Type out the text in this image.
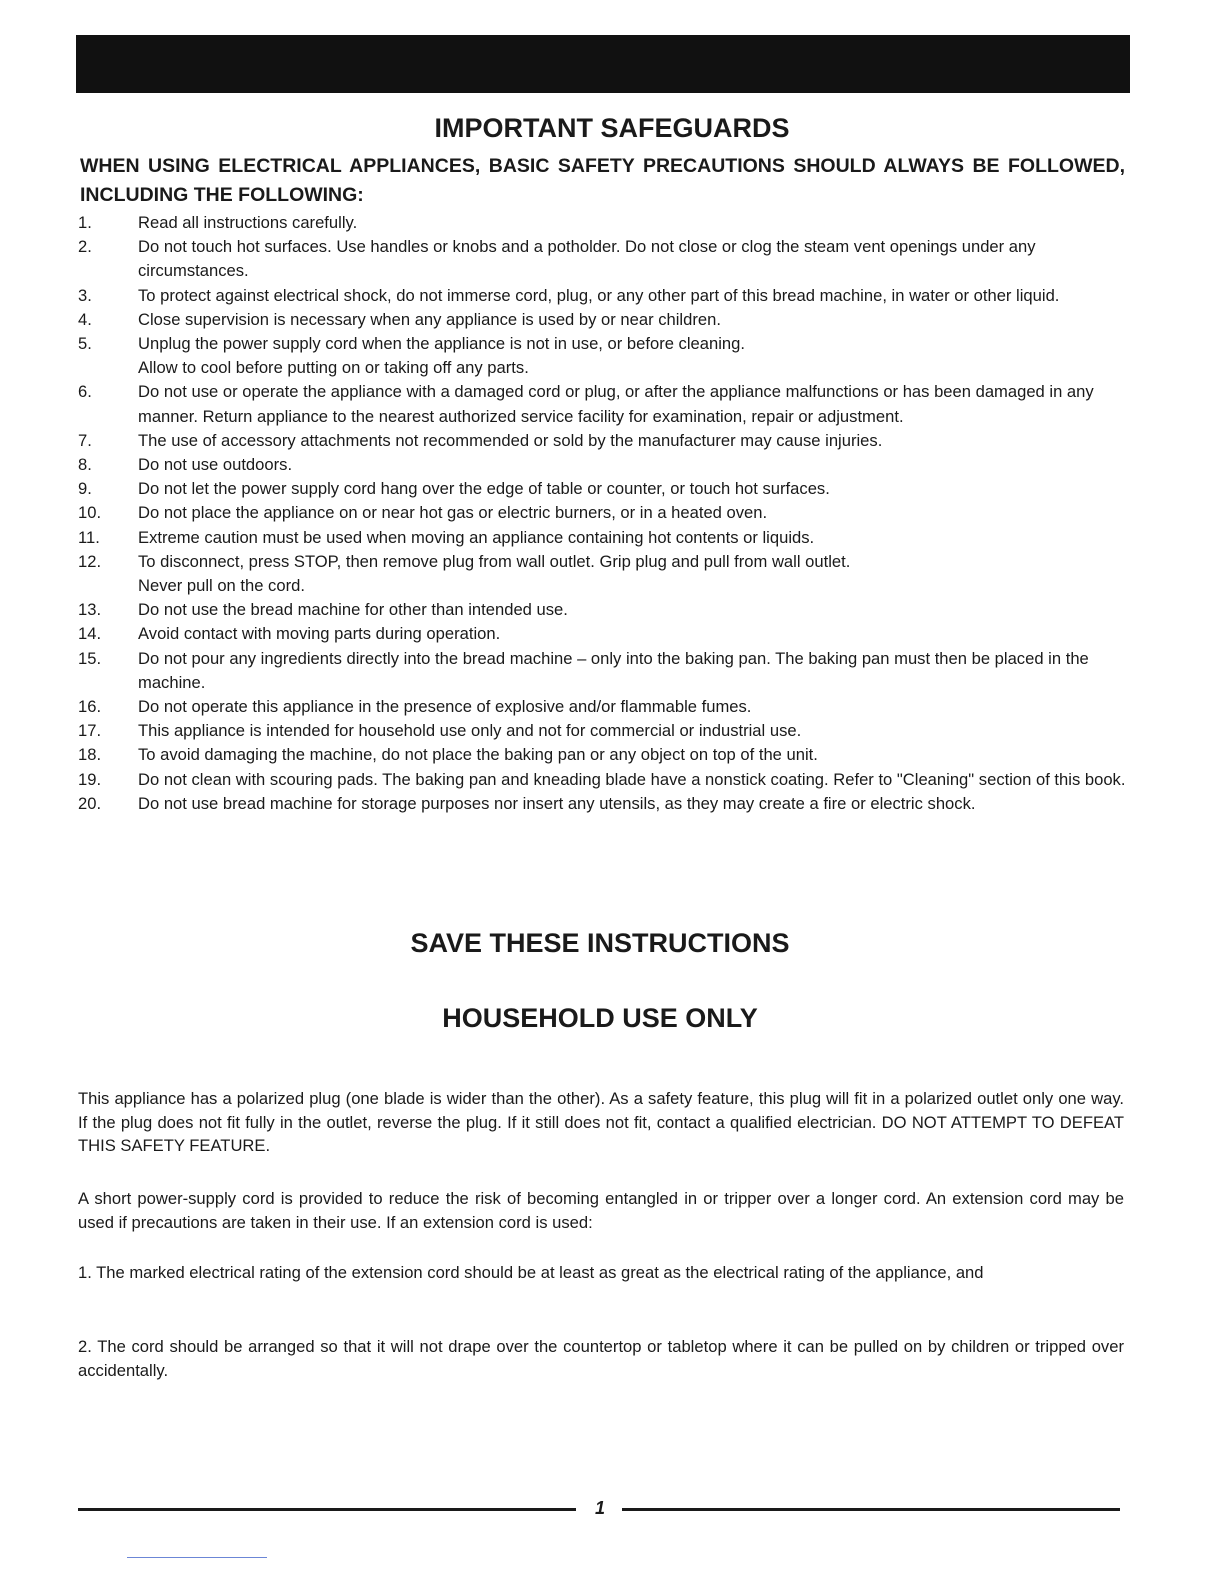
IMPORTANT SAFEGUARDS

WHEN USING ELECTRICAL APPLIANCES, BASIC SAFETY PRECAUTIONS SHOULD ALWAYS BE FOLLOWED, INCLUDING THE FOLLOWING:

1.	Read all instructions carefully.
2.	Do not touch hot surfaces. Use handles or knobs and a potholder. Do not close or clog the steam vent openings under any circumstances.
3.	To protect against electrical shock, do not immerse cord, plug, or any other part of this bread machine, in water or other liquid.
4.	Close supervision is necessary when any appliance is used by or near children.
5.	Unplug the power supply cord when the appliance is not in use, or before cleaning.
Allow to cool before putting on or taking off any parts.
6.	Do not use or operate the appliance with a damaged cord or plug, or after the appliance malfunctions or has been damaged in any manner. Return appliance to the nearest authorized service facility for examination, repair or adjustment.
7.	The use of accessory attachments not recommended or sold by the manufacturer may cause injuries.
8.	Do not use outdoors.
9.	Do not let the power supply cord hang over the edge of table or counter, or touch hot surfaces.
10.	Do not place the appliance on or near hot gas or electric burners, or in a heated oven.
11.	Extreme caution must be used when moving an appliance containing hot contents or liquids.
12.	To disconnect, press STOP, then remove plug from wall outlet. Grip plug and pull from wall outlet.
Never pull on the cord.
13.	Do not use the bread machine for other than intended use.
14.	Avoid contact with moving parts during operation.
15.	Do not pour any ingredients directly into the bread machine – only into the baking pan. The baking pan must then be placed in the machine.
16.	Do not operate this appliance in the presence of explosive and/or flammable fumes.
17.	This appliance is intended for household use only and not for commercial or industrial use.
18.	To avoid damaging the machine, do not place the baking pan or any object on top of the unit.
19.	Do not clean with scouring pads. The baking pan and kneading blade have a nonstick coating. Refer to "Cleaning" section of this book.
20.	Do not use bread machine for storage purposes nor insert any utensils, as they may create a fire or electric shock.
SAVE THESE INSTRUCTIONS
HOUSEHOLD USE ONLY

This appliance has a polarized plug (one blade is wider than the other). As a safety feature, this plug will fit in a polarized outlet only one way. If the plug does not fit fully in the outlet, reverse the plug. If it still does not fit, contact a qualified electrician. DO NOT ATTEMPT TO DEFEAT THIS SAFETY FEATURE.

A short power-supply cord is provided to reduce the risk of becoming entangled in or tripper over a longer cord. An extension cord may be used if precautions are taken in their use. If an extension cord is used:

1. The marked electrical rating of the extension cord should be at least as great as the electrical rating of the appliance, and

2. The cord should be arranged so that it will not drape over the countertop or tabletop where it can be pulled on by children or tripped over accidentally.

1
